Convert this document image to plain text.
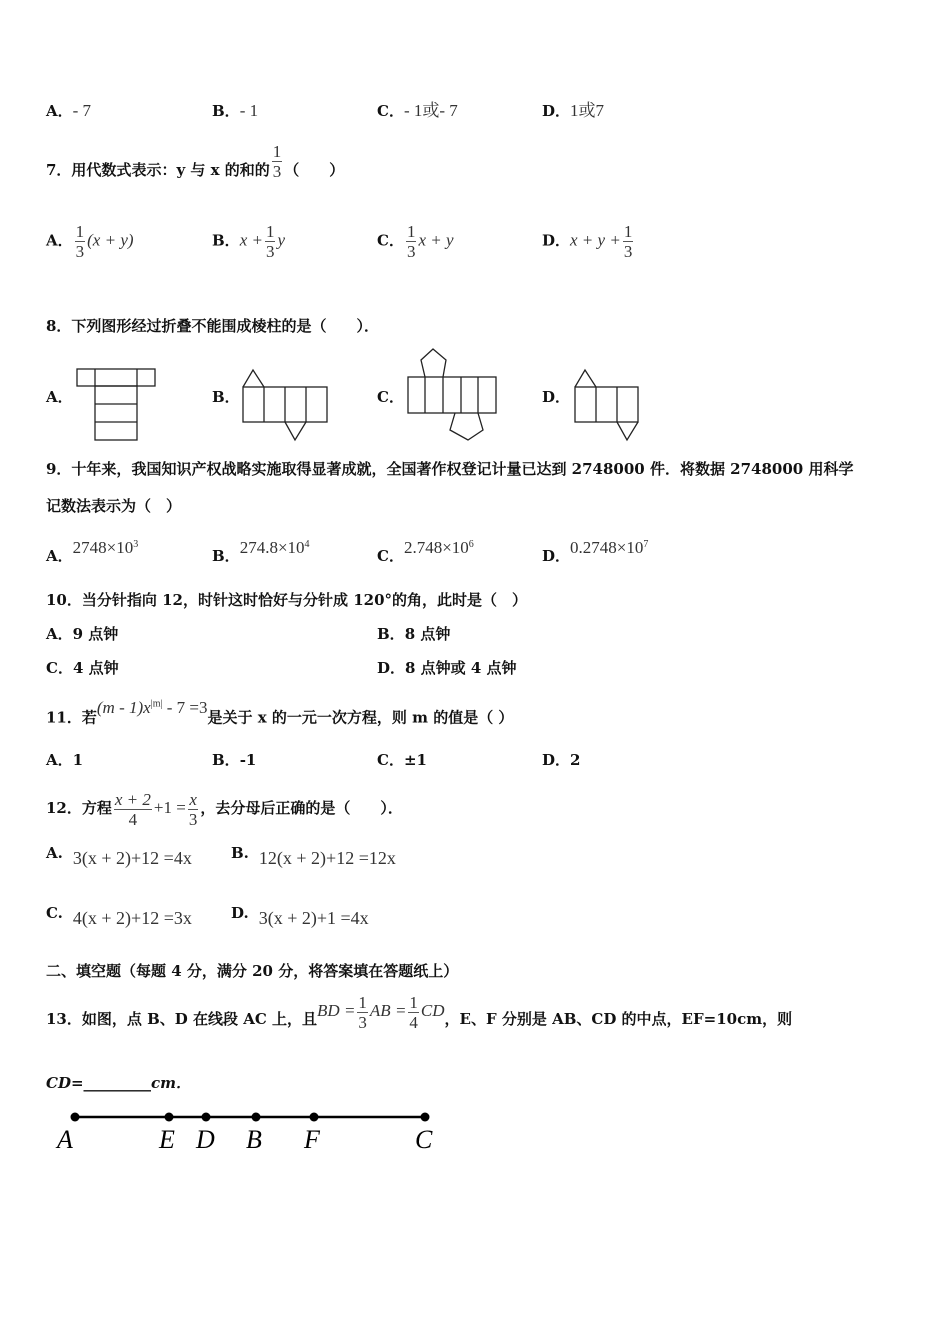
A．- 7	B．- 1	C．- 1或- 7	D．1或7
7．用代数式表示：y 与 x 的和的 $\frac{1}{3}$ （　　）
A． $\frac{1}{3} (x + y)$	B．$x + \frac{1}{3}$ y	C． $\frac{1}{3}$ x + y	D．$x + y + \frac{1}{3}$
8．下列图形经过折叠不能围成棱柱的是（　　）．
A．	B．	C．	D．
9．十年来，我国知识产权战略实施取得显著成就，全国著作权登记计量已达到 2748000 件．将数据 2748000 用科学
记数法表示为（　）
A．$2748\times 10^3$
B．$274.8\times 10^4$
C．$2.748\times 10^6$
D．$0.2748\times 10^7$
10．当分针指向 12，时针这时恰好与分针成 120°的角，此时是（　）
A．9 点钟	B．8 点钟
C．4 点钟	D．8 点钟或 4 点钟
11．若$(m - 1)x^{|m|} - 7 =3$是关于 x 的一元一次方程，则 m 的值是（ ）
A．1	B．-1	C．±1	D．2
12．方程 $\frac{x + 2}{4} +1 = \frac{x}{3}$ ，去分母后正确的是（　　）．
A. 3(x + 2)+12 =4x	B. 12(x + 2)+12 =12x
C. 4(x + 2)+12 =3x	D. 3(x + 2)+1 =4x
二、填空题（每题 4 分，满分 20 分，将答案填在答题纸上）
13．如图，点 B、D 在线段 AC 上，且BD = $\frac{1}{3}$ AB = $\frac{1}{4}$ CD，E、F 分别是 AB、CD 的中点，EF=10cm，则
CD=_________cm．
A	E D B F	C
